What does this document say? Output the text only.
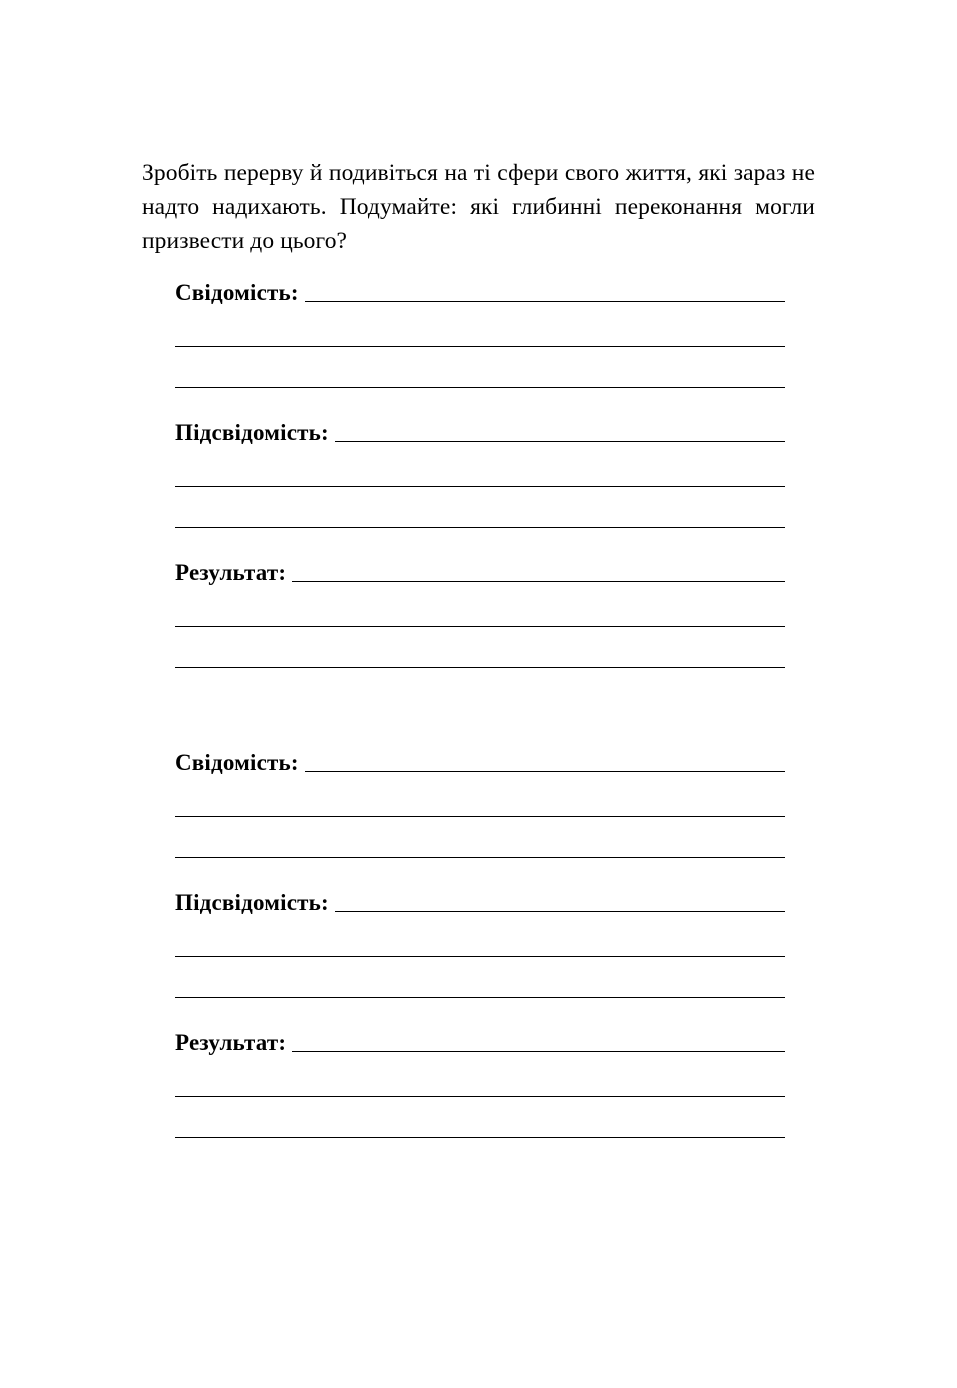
Зробіть перерву й подивіться на ті сфери свого життя, які зараз не надто надихають. Подумайте: які глибинні переконання могли призвести до цього?

Свідомість:
Підсвідомість:
Результат:
Свідомість:
Підсвідомість:
Результат:
